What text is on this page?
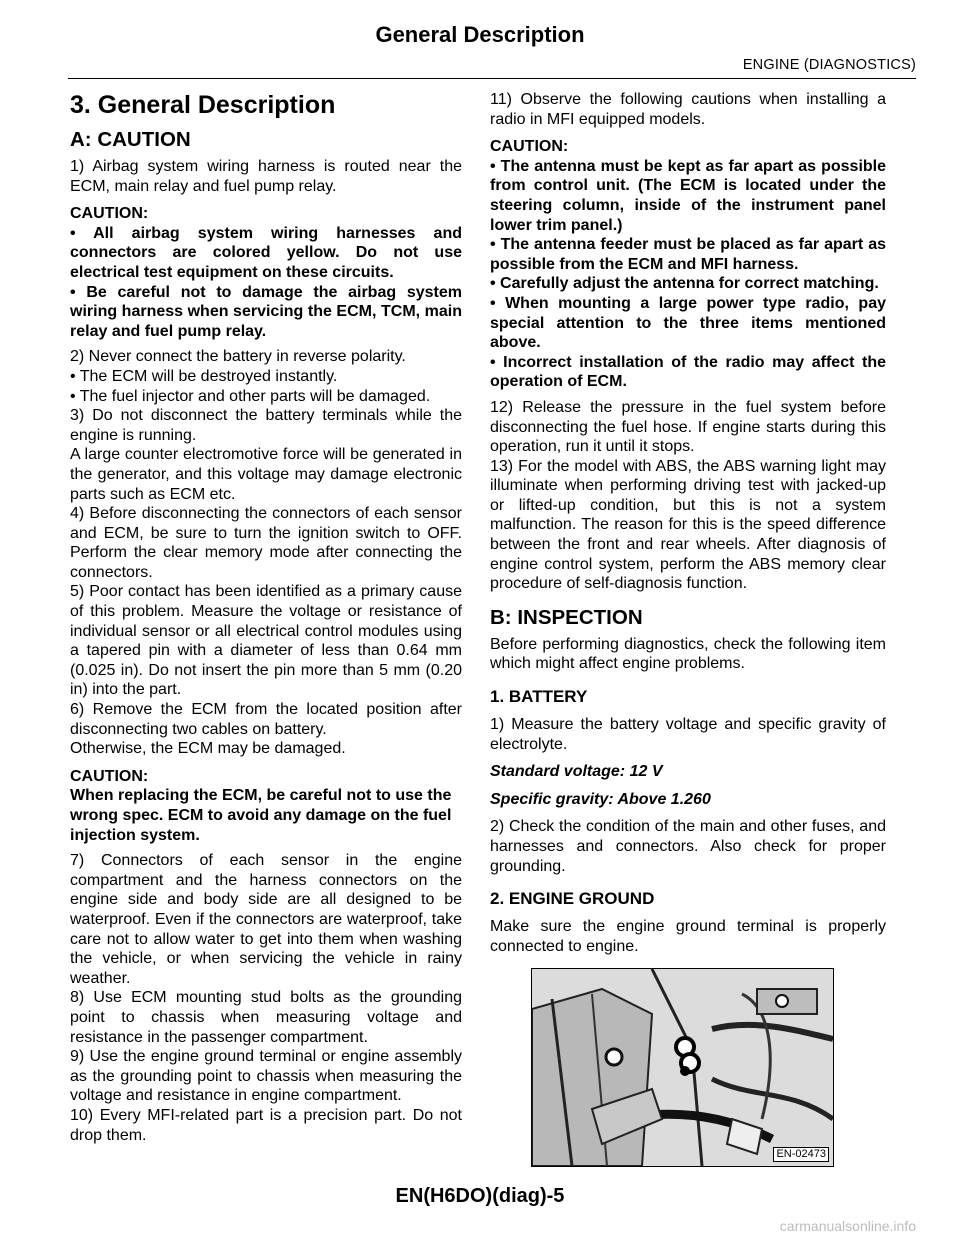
General Description
ENGINE (DIAGNOSTICS)
3. General Description
A: CAUTION

1) Airbag system wiring harness is routed near the ECM, main relay and fuel pump relay.

CAUTION:
• All airbag system wiring harnesses and connectors are colored yellow. Do not use electrical test equipment on these circuits.
• Be careful not to damage the airbag system wiring harness when servicing the ECM, TCM, main relay and fuel pump relay.

2) Never connect the battery in reverse polarity.

• The ECM will be destroyed instantly.

• The fuel injector and other parts will be damaged.

3) Do not disconnect the battery terminals while the engine is running.

A large counter electromotive force will be generated in the generator, and this voltage may damage electronic parts such as ECM etc.

4) Before disconnecting the connectors of each sensor and ECM, be sure to turn the ignition switch to OFF. Perform the clear memory mode after connecting the connectors.

5) Poor contact has been identified as a primary cause of this problem. Measure the voltage or resistance of individual sensor or all electrical control modules using a tapered pin with a diameter of less than 0.64 mm (0.025 in). Do not insert the pin more than 5 mm (0.20 in) into the part.

6) Remove the ECM from the located position after disconnecting two cables on battery.

Otherwise, the ECM may be damaged.

CAUTION:
When replacing the ECM, be careful not to use the wrong spec. ECM to avoid any damage on the fuel injection system.

7) Connectors of each sensor in the engine compartment and the harness connectors on the engine side and body side are all designed to be waterproof. Even if the connectors are waterproof, take care not to allow water to get into them when washing the vehicle, or when servicing the vehicle in rainy weather.

8) Use ECM mounting stud bolts as the grounding point to chassis when measuring voltage and resistance in the passenger compartment.

9) Use the engine ground terminal or engine assembly as the grounding point to chassis when measuring the voltage and resistance in engine compartment.

10) Every MFI-related part is a precision part. Do not drop them.

11) Observe the following cautions when installing a radio in MFI equipped models.

CAUTION:
• The antenna must be kept as far apart as possible from control unit. (The ECM is located under the steering column, inside of the instrument panel lower trim panel.)
• The antenna feeder must be placed as far apart as possible from the ECM and MFI harness.
• Carefully adjust the antenna for correct matching.
• When mounting a large power type radio, pay special attention to the three items mentioned above.
• Incorrect installation of the radio may affect the operation of ECM.

12) Release the pressure in the fuel system before disconnecting the fuel hose. If engine starts during this operation, run it until it stops.

13) For the model with ABS, the ABS warning light may illuminate when performing driving test with jacked-up or lifted-up condition, but this is not a system malfunction. The reason for this is the speed difference between the front and rear wheels. After diagnosis of engine control system, perform the ABS memory clear procedure of self-diagnosis function.

B: INSPECTION

Before performing diagnostics, check the following item which might affect engine problems.

1. BATTERY

1) Measure the battery voltage and specific gravity of electrolyte.

Standard voltage: 12 V
Specific gravity: Above 1.260

2) Check the condition of the main and other fuses, and harnesses and connectors. Also check for proper grounding.

2. ENGINE GROUND

Make sure the engine ground terminal is properly connected to engine.

EN-02473
EN(H6DO)(diag)-5
carmanualsonline.info
